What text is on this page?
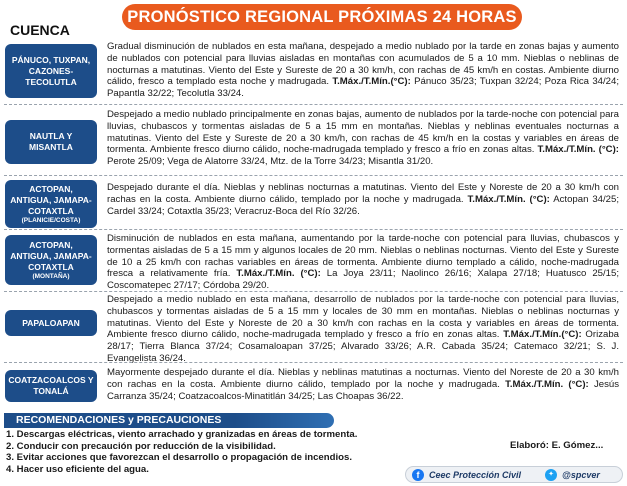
PRONÓSTICO REGIONAL PRÓXIMAS 24 HORAS
CUENCA
PÁNUCO, TUXPAN, CAZONES-TECOLUTLA
Gradual disminución de nublados en esta mañana, despejado a medio nublado por la tarde en zonas bajas y aumento de nublados con potencial para lluvias aisladas en montañas con acumulados de 5 a 10 mm. Nieblas o neblinas de nocturnas a matutinas. Viento del Este y Sureste de 20 a 30 km/h, con rachas de 45 km/h en costas. Ambiente diurno cálido, fresco a templado esta noche y madrugada. T.Máx./T.Mín.(°C): Pánuco 35/23; Tuxpan 32/24; Poza Rica 34/24; Papantla 32/22; Tecolutla 33/24.
NAUTLA Y MISANTLA
Despejado a medio nublado principalmente en zonas bajas, aumento de nublados por la tarde-noche con potencial para lluvias, chubascos y tormentas aisladas de 5 a 15 mm en montañas. Nieblas y neblinas eventuales nocturnas a matutinas. Viento del Este y Sureste de 20 a 30 km/h, con rachas de 45 km/h en la costas y variables en áreas de tormenta. Ambiente fresco diurno cálido, noche-madrugada templado y fresco a frío en zonas altas. T.Máx./T.Mín. (°C): Perote 25/09; Vega de Alatorre 33/24, Mtz. de la Torre 34/23; Misantla 31/20.
ACTOPAN, ANTIGUA, JAMAPA-COTAXTLA
(PLANICIE/COSTA)
Despejado durante el día. Nieblas y neblinas nocturnas a matutinas. Viento del Este y Noreste de 20 a 30 km/h con rachas en la costa. Ambiente diurno cálido, templado por la noche y madrugada. T.Máx./T.Mín. (°C): Actopan 34/25; Cardel 33/24; Cotaxtla 35/23; Veracruz-Boca del Río 32/26.
ACTOPAN, ANTIGUA, JAMAPA-COTAXTLA
(MONTAÑA)
Disminución de nublados en esta mañana, aumentando por la tarde-noche con potencial para lluvias, chubascos y tormentas aisladas de 5 a 15 mm y algunos locales de 20 mm. Nieblas o neblinas nocturnas. Viento del Este y Sureste de 10 a 25 km/h con rachas variables en áreas de tormenta. Ambiente diurno templado a cálido, noche-madrugada fresca a relativamente fría. T.Máx./T.Mín. (°C): La Joya 23/11; Naolinco 26/16; Xalapa 27/18; Huatusco 25/15; Coscomatepec 27/17; Córdoba 29/20.
PAPALOAPAN
Despejado a medio nublado en esta mañana, desarrollo de nublados por la tarde-noche con potencial para lluvias, chubascos y tormentas aisladas de 5 a 15 mm y locales de 30 mm en montañas. Nieblas o neblinas nocturnas y matutinas. Viento del Este y Noreste de 20 a 30 km/h con rachas en la costa y variables en áreas de tormenta. Ambiente fresco diurno cálido, noche-madrugada templado y fresco a frío en zonas altas. T.Máx./T.Mín.(°C): Orizaba 28/17; Tierra Blanca 37/24; Cosamaloapan 37/25; Alvarado 33/26; A.R. Cabada 35/24; Catemaco 32/21; S. J. Evangelista 36/24.
COATZACOALCOS Y TONALÁ
Mayormente despejado durante el día. Nieblas y neblinas matutinas a nocturnas. Viento del Noreste de 20 a 30 km/h con rachas en la costa. Ambiente diurno cálido, templado por la noche y madrugada. T.Máx./T.Mín. (°C): Jesús Carranza 35/24; Coatzacoalcos-Minatitlán 34/25; Las Choapas 36/22.
RECOMENDACIONES y PRECAUCIONES
1. Descargas eléctricas, viento arrachado y granizadas en áreas de tormenta.
2. Conducir con precaución por reducción de la visibilidad.
3. Evitar acciones que favorezcan el desarrollo o propagación de incendios.
4. Hacer uso eficiente del agua.
Elaboró: E. Gómez...
f	Ceec Protección Civil	✦ @spcver
